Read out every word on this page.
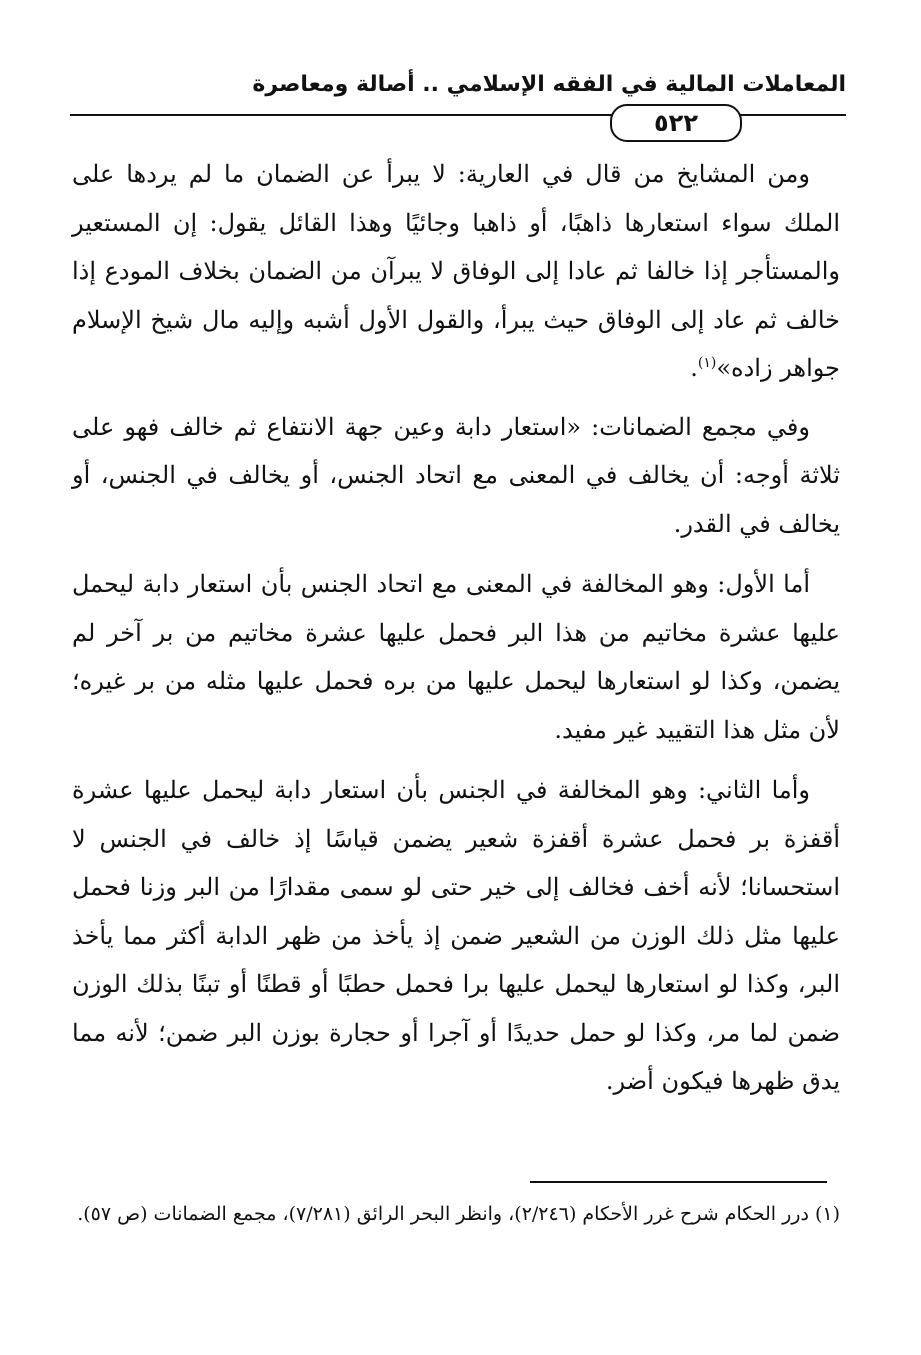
المعاملات المالية في الفقه الإسلامي .. أصالة ومعاصرة
٥٢٢

ومن المشايخ من قال في العارية: لا يبرأ عن الضمان ما لم يردها على الملك سواء استعارها ذاهبًا، أو ذاهبا وجائيًا وهذا القائل يقول: إن المستعير والمستأجر إذا خالفا ثم عادا إلى الوفاق لا يبرآن من الضمان بخلاف المودع إذا خالف ثم عاد إلى الوفاق حيث يبرأ، والقول الأول أشبه وإليه مال شيخ الإسلام جواهر زاده»$^{(١)}$.

وفي مجمع الضمانات: «استعار دابة وعين جهة الانتفاع ثم خالف فهو على ثلاثة أوجه: أن يخالف في المعنى مع اتحاد الجنس، أو يخالف في الجنس، أو يخالف في القدر.

أما الأول: وهو المخالفة في المعنى مع اتحاد الجنس بأن استعار دابة ليحمل عليها عشرة مخاتيم من هذا البر فحمل عليها عشرة مخاتيم من بر آخر لم يضمن، وكذا لو استعارها ليحمل عليها من بره فحمل عليها مثله من بر غيره؛ لأن مثل هذا التقييد غير مفيد.

وأما الثاني: وهو المخالفة في الجنس بأن استعار دابة ليحمل عليها عشرة أقفزة بر فحمل عشرة أقفزة شعير يضمن قياسًا إذ خالف في الجنس لا استحسانا؛ لأنه أخف فخالف إلى خير حتى لو سمى مقدارًا من البر وزنا فحمل عليها مثل ذلك الوزن من الشعير ضمن إذ يأخذ من ظهر الدابة أكثر مما يأخذ البر، وكذا لو استعارها ليحمل عليها برا فحمل حطبًا أو قطنًا أو تبنًا بذلك الوزن ضمن لما مر، وكذا لو حمل حديدًا أو آجرا أو حجارة بوزن البر ضمن؛ لأنه مما يدق ظهرها فيكون أضر.

(١) درر الحكام شرح غرر الأحكام (٢/٢٤٦)، وانظر البحر الرائق (٧/٢٨١)، مجمع الضمانات (ص ٥٧).
